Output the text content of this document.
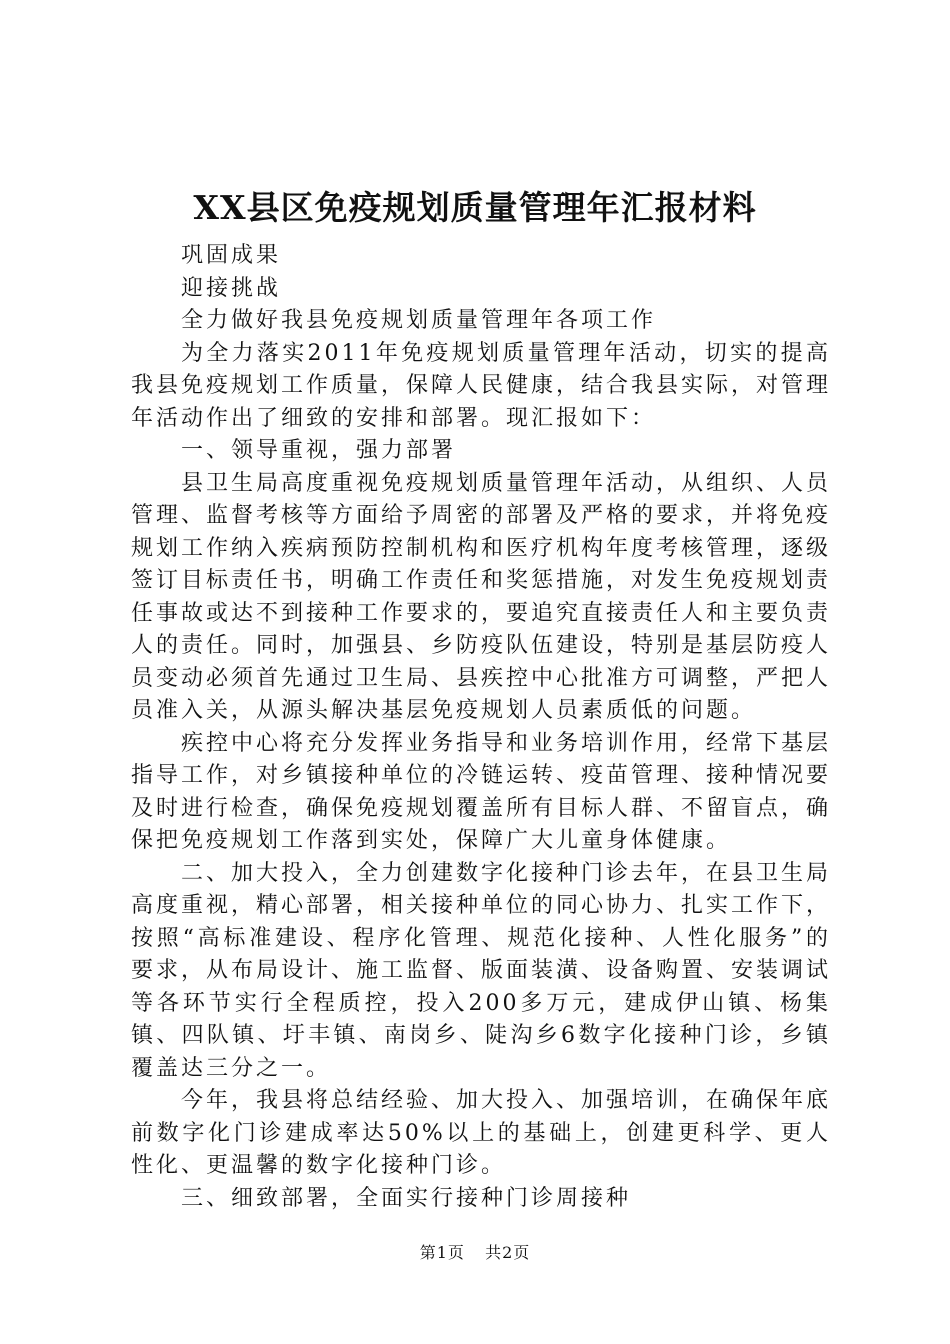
XX县区免疫规划质量管理年汇报材料

巩固成果

迎接挑战

全力做好我县免疫规划质量管理年各项工作

为全力落实2011年免疫规划质量管理年活动，切实的提高我县免疫规划工作质量，保障人民健康，结合我县实际，对管理年活动作出了细致的安排和部署。现汇报如下：

一、领导重视，强力部署

县卫生局高度重视免疫规划质量管理年活动，从组织、人员管理、监督考核等方面给予周密的部署及严格的要求，并将免疫规划工作纳入疾病预防控制机构和医疗机构年度考核管理，逐级签订目标责任书，明确工作责任和奖惩措施，对发生免疫规划责任事故或达不到接种工作要求的，要追究直接责任人和主要负责人的责任。同时，加强县、乡防疫队伍建设，特别是基层防疫人员变动必须首先通过卫生局、县疾控中心批准方可调整，严把人员准入关，从源头解决基层免疫规划人员素质低的问题。

疾控中心将充分发挥业务指导和业务培训作用，经常下基层指导工作，对乡镇接种单位的冷链运转、疫苗管理、接种情况要及时进行检查，确保免疫规划覆盖所有目标人群、不留盲点，确保把免疫规划工作落到实处，保障广大儿童身体健康。

二、加大投入，全力创建数字化接种门诊去年，在县卫生局高度重视，精心部署，相关接种单位的同心协力、扎实工作下，按照“高标准建设、程序化管理、规范化接种、人性化服务”的要求，从布局设计、施工监督、版面装潢、设备购置、安装调试等各环节实行全程质控，投入200多万元，建成伊山镇、杨集镇、四队镇、圩丰镇、南岗乡、陡沟乡6数字化接种门诊，乡镇覆盖达三分之一。

今年，我县将总结经验、加大投入、加强培训，在确保年底前数字化门诊建成率达50%以上的基础上，创建更科学、更人性化、更温馨的数字化接种门诊。

三、细致部署，全面实行接种门诊周接种

第1页 共2页
